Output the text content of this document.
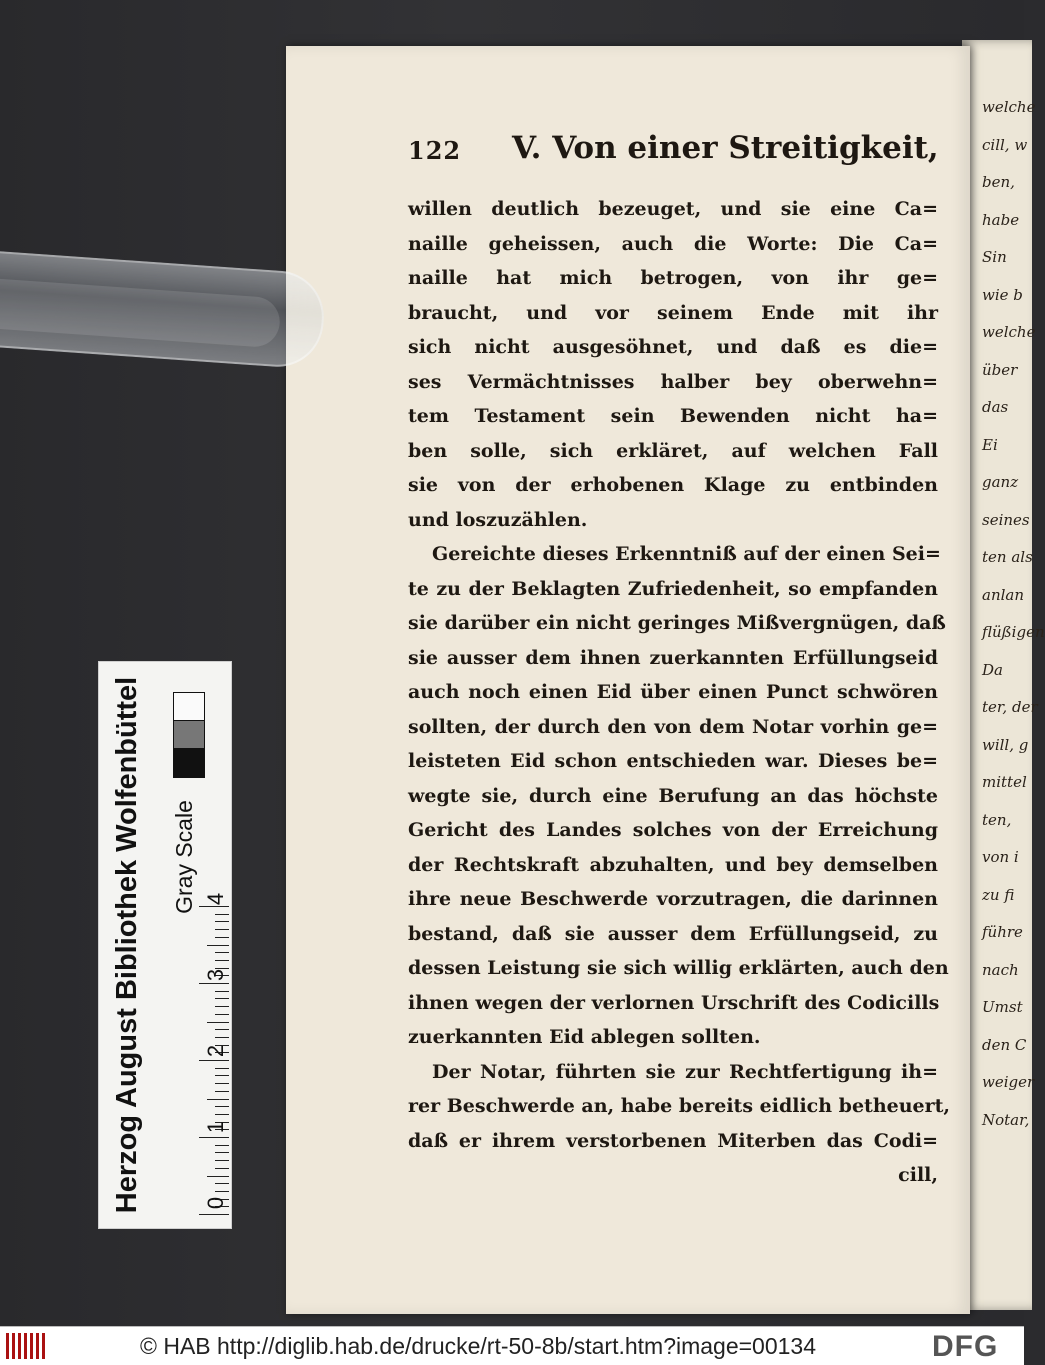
welche
cill, w
ben,
habe
Sin
wie b
welche
über
das
Ei
ganz
seines
ten als
anlan
flüßigen
Da
ter, der
will, g
mittel
ten,
von i
zu fi
führe
nach
Umst
den C
weiger
Notar,
122 V. Von einer Streitigkeit,
willen deutlich bezeuget, und sie eine Ca=
naille geheissen, auch die Worte: Die Ca=
naille hat mich betrogen, von ihr ge=
braucht, und vor seinem Ende mit ihr
sich nicht ausgesöhnet, und daß es die=
ses Vermächtnisses halber bey oberwehn=
tem Testament sein Bewenden nicht ha=
ben solle, sich erkläret, auf welchen Fall
sie von der erhobenen Klage zu entbinden
und loszuzählen.
Gereichte dieses Erkenntniß auf der einen Sei=
te zu der Beklagten Zufriedenheit, so empfanden
sie darüber ein nicht geringes Mißvergnügen, daß
sie ausser dem ihnen zuerkannten Erfüllungseid
auch noch einen Eid über einen Punct schwören
sollten, der durch den von dem Notar vorhin ge=
leisteten Eid schon entschieden war. Dieses be=
wegte sie, durch eine Berufung an das höchste
Gericht des Landes solches von der Erreichung
der Rechtskraft abzuhalten, und bey demselben
ihre neue Beschwerde vorzutragen, die darinnen
bestand, daß sie ausser dem Erfüllungseid, zu
dessen Leistung sie sich willig erklärten, auch den
ihnen wegen der verlornen Urschrift des Codicills
zuerkannten Eid ablegen sollten.
Der Notar, führten sie zur Rechtfertigung ih=
rer Beschwerde an, habe bereits eidlich betheuert,
daß er ihrem verstorbenen Miterben das Codi=
cill,
Herzog August Bibliothek Wolfenbüttel Gray Scale
0
1
2
3
4
© HAB http://diglib.hab.de/drucke/rt-50-8b/start.htm?image=00134	DFG
